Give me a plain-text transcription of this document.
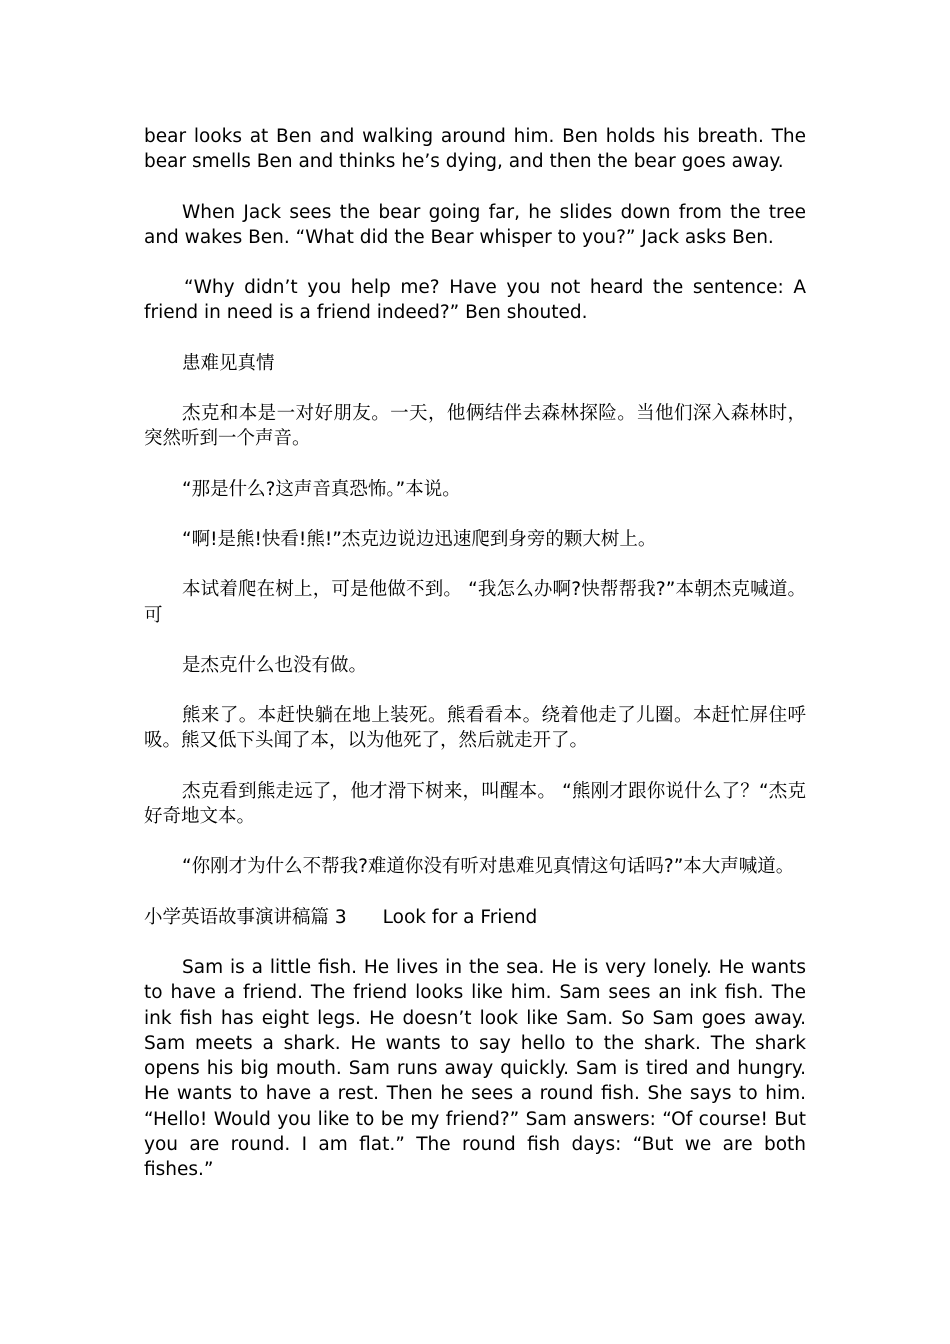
bear looks at Ben and walking around him. Ben holds his breath. The bear smells Ben and thinks he’s dying, and then the bear goes away.

When Jack sees the bear going far, he slides down from the tree and wakes Ben. “What did the Bear whisper to you?” Jack asks Ben.

“Why didn’t you help me? Have you not heard the sentence: A friend in need is a friend indeed?” Ben shouted.

患难见真情

杰克和本是一对好朋友。一天，他俩结伴去森林探险。当他们深入森林时，突然听到一个声音。

“那是什么?这声音真恐怖。”本说。

“啊!是熊!快看!熊!”杰克边说边迅速爬到身旁的颗大树上。

本试着爬在树上，可是他做不到。 “我怎么办啊?快帮帮我?”本朝杰克喊道。可

是杰克什么也没有做。

熊来了。本赶快躺在地上装死。熊看看本。绕着他走了儿圈。本赶忙屏住呼吸。熊又低下头闻了本，以为他死了，然后就走开了。

杰克看到熊走远了，他才滑下树来，叫醒本。 “熊刚才跟你说什么了？“杰克好奇地文本。

“你刚才为什么不帮我?难道你没有听对患难见真情这句话吗?”本大声喊道。

小学英语故事演讲稿篇 3 Look for a Friend

Sam is a little fish. He lives in the sea. He is very lonely. He wants to have a friend. The friend looks like him. Sam sees an ink fish. The ink fish has eight legs. He doesn’t look like Sam. So Sam goes away. Sam meets a shark. He wants to say hello to the shark. The shark opens his big mouth. Sam runs away quickly. Sam is tired and hungry. He wants to have a rest. Then he sees a round fish. She says to him. “Hello! Would you like to be my friend?” Sam answers: “Of course! But you are round. I am flat.” The round fish days: “But we are both fishes.”
